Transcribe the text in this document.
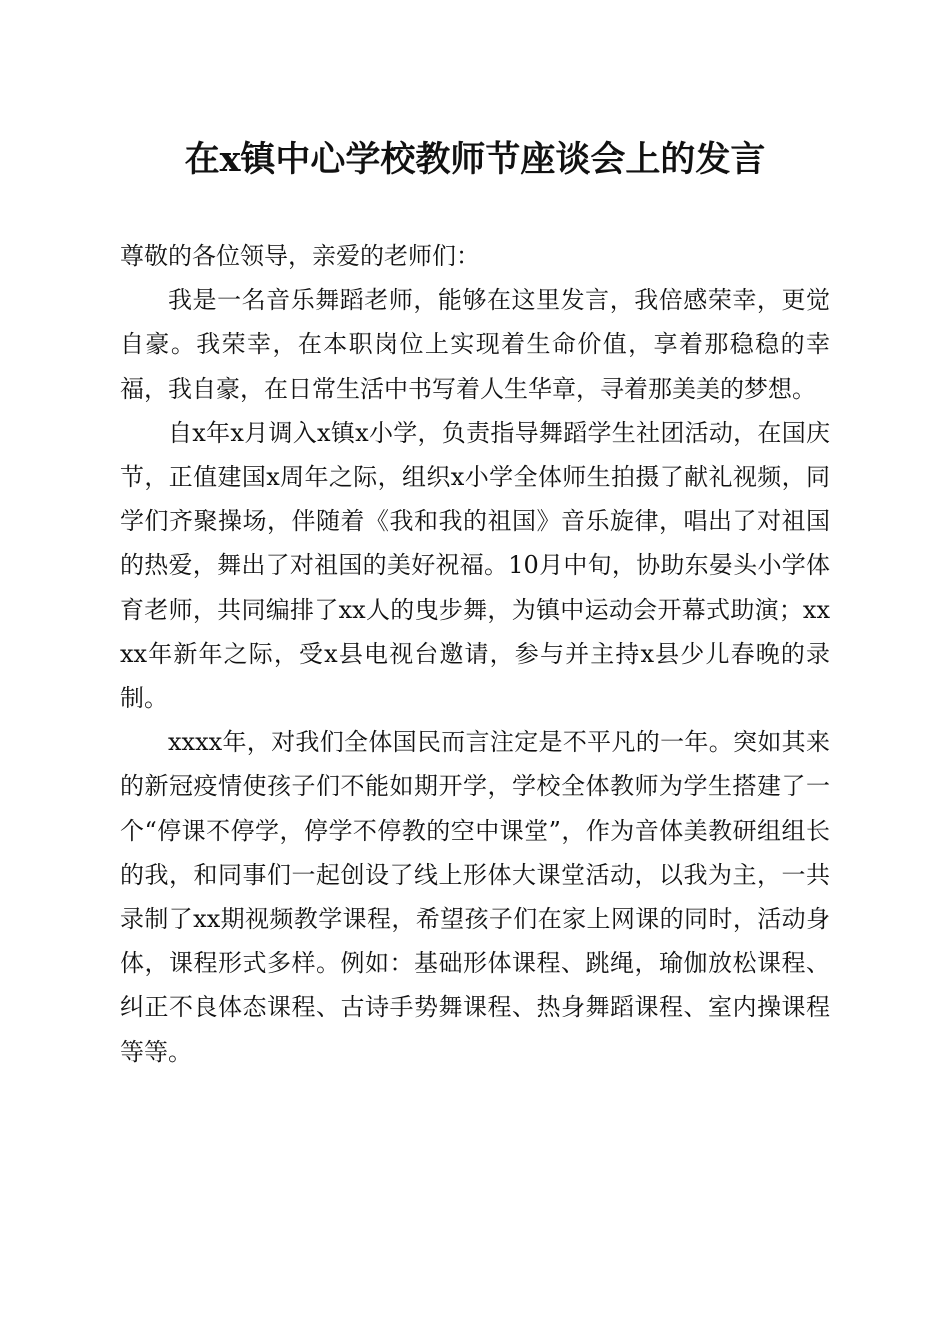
在x镇中心学校教师节座谈会上的发言

尊敬的各位领导，亲爱的老师们：

我是一名音乐舞蹈老师，能够在这里发言，我倍感荣幸，更觉自豪。我荣幸，在本职岗位上实现着生命价值，享着那稳稳的幸福，我自豪，在日常生活中书写着人生华章，寻着那美美的梦想。

自x年x月调入x镇x小学，负责指导舞蹈学生社团活动，在国庆节，正值建国x周年之际，组织x小学全体师生拍摄了献礼视频，同学们齐聚操场，伴随着《我和我的祖国》音乐旋律，唱出了对祖国的热爱，舞出了对祖国的美好祝福。10月中旬，协助东晏头小学体育老师，共同编排了xx人的曳步舞，为镇中运动会开幕式助演；xxxx年新年之际，受x县电视台邀请，参与并主持x县少儿春晚的录制。

xxxx年，对我们全体国民而言注定是不平凡的一年。突如其来的新冠疫情使孩子们不能如期开学，学校全体教师为学生搭建了一个“停课不停学，停学不停教的空中课堂”，作为音体美教研组组长的我，和同事们一起创设了线上形体大课堂活动，以我为主，一共录制了xx期视频教学课程，希望孩子们在家上网课的同时，活动身体，课程形式多样。例如：基础形体课程、跳绳，瑜伽放松课程、纠正不良体态课程、古诗手势舞课程、热身舞蹈课程、室内操课程等等。
